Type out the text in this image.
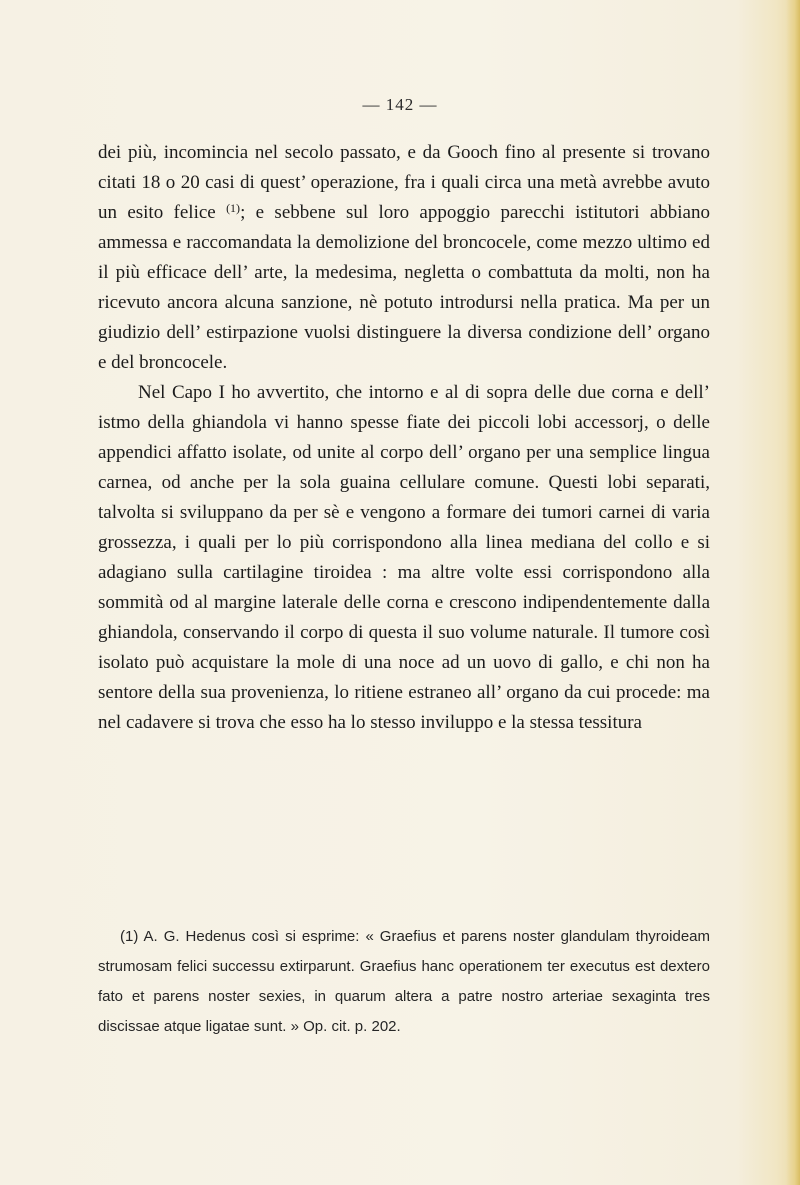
— 142 —

dei più, incomincia nel secolo passato, e da Gooch fino al presente si trovano citati 18 o 20 casi di quest’ operazione, fra i quali circa una metà avrebbe avuto un esito felice $^{(1)}$; e sebbene sul loro appoggio parecchi istitutori abbiano ammessa e raccomandata la demolizione del broncocele, come mezzo ultimo ed il più efficace dell’ arte, la medesima, negletta o combattuta da molti, non ha ricevuto ancora alcuna sanzione, nè potuto introdursi nella pratica. Ma per un giudizio dell’ estirpazione vuolsi distinguere la diversa condizione dell’ organo e del broncocele.

Nel Capo I ho avvertito, che intorno e al di sopra delle due corna e dell’ istmo della ghiandola vi hanno spesse fiate dei piccoli lobi accessorj, o delle appendici affatto isolate, od unite al corpo dell’ organo per una semplice lingua carnea, od anche per la sola guaina cellulare comune. Questi lobi separati, talvolta si sviluppano da per sè e vengono a formare dei tumori carnei di varia grossezza, i quali per lo più corrispondono alla linea mediana del collo e si adagiano sulla cartilagine tiroidea : ma altre volte essi corrispondono alla sommità od al margine laterale delle corna e crescono indipendentemente dalla ghiandola, conservando il corpo di questa il suo volume naturale. Il tumore così isolato può acquistare la mole di una noce ad un uovo di gallo, e chi non ha sentore della sua provenienza, lo ritiene estraneo all’ organo da cui procede: ma nel cadavere si trova che esso ha lo stesso inviluppo e la stessa tessitura

(1) A. G. Hedenus così si esprime: « Graefius et parens noster glandulam thyroideam strumosam felici successu extirparunt. Graefius hanc operationem ter executus est dextero fato et parens noster sexies, in quarum altera a patre nostro arteriae sexaginta tres discissae atque ligatae sunt. » Op. cit. p. 202.
